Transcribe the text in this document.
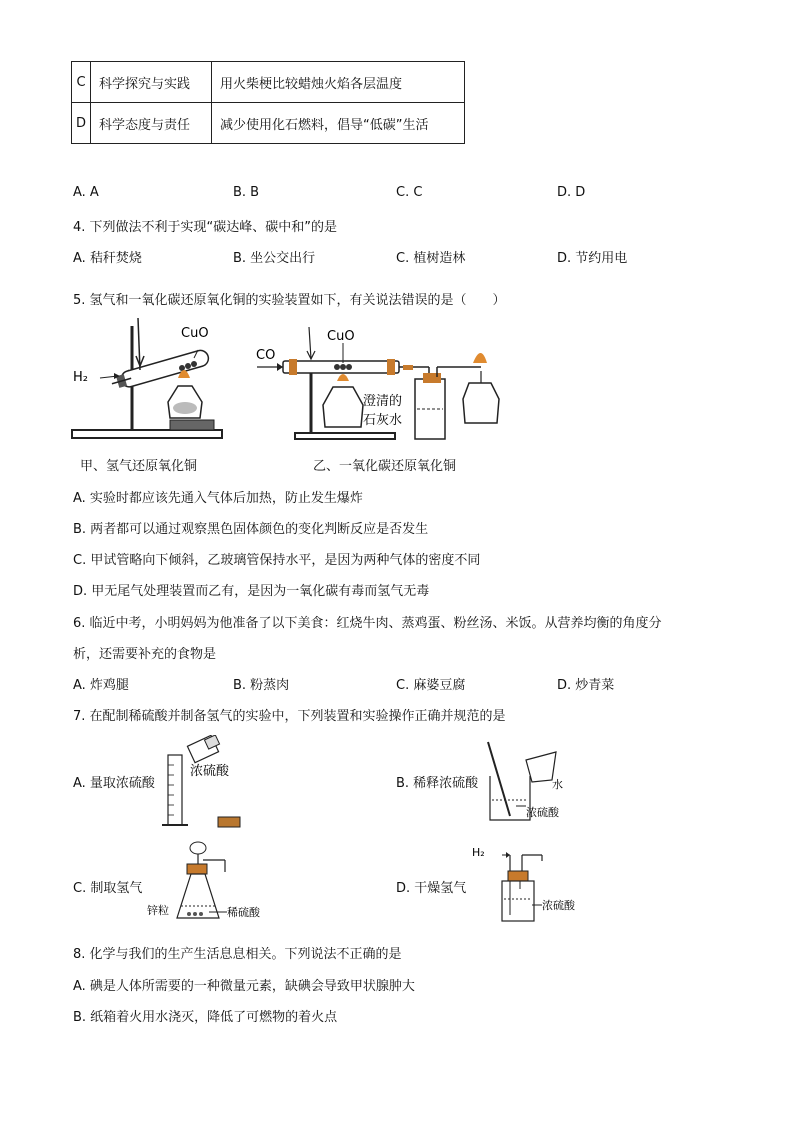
C	科学探究与实践	用火柴梗比较蜡烛火焰各层温度
D	科学态度与责任	减少使用化石燃料，倡导“低碳”生活
A. A	B. B	C. C	D. D
4. 下列做法不利于实现“碳达峰、碳中和”的是
A. 秸秆焚烧	B. 坐公交出行	C. 植树造林	D. 节约用电
5. 氢气和一氧化碳还原氧化铜的实验装置如下，有关说法错误的是（　　）
H₂
CuO
甲、氢气还原氧化铜
CO
CuO
澄清的
石灰水
乙、一氧化碳还原氧化铜
A. 实验时都应该先通入气体后加热，防止发生爆炸
B. 两者都可以通过观察黑色固体颜色的变化判断反应是否发生
C. 甲试管略向下倾斜，乙玻璃管保持水平，是因为两种气体的密度不同
D. 甲无尾气处理装置而乙有，是因为一氧化碳有毒而氢气无毒
6. 临近中考，小明妈妈为他准备了以下美食：红烧牛肉、蒸鸡蛋、粉丝汤、米饭。从营养均衡的角度分
析，还需要补充的食物是
A. 炸鸡腿	B. 粉蒸肉	C. 麻婆豆腐	D. 炒青菜
7. 在配制稀硫酸并制备氢气的实验中，下列装置和实验操作正确并规范的是
A. 量取浓硫酸
浓硫酸
B. 稀释浓硫酸	水
浓硫酸
C. 制取氢气
锌粒	稀硫酸
D. 干燥氢气
H₂
浓硫酸
8. 化学与我们的生产生活息息相关。下列说法不正确的是
A. 碘是人体所需要的一种微量元素，缺碘会导致甲状腺肿大
B. 纸箱着火用水浇灭，降低了可燃物的着火点
